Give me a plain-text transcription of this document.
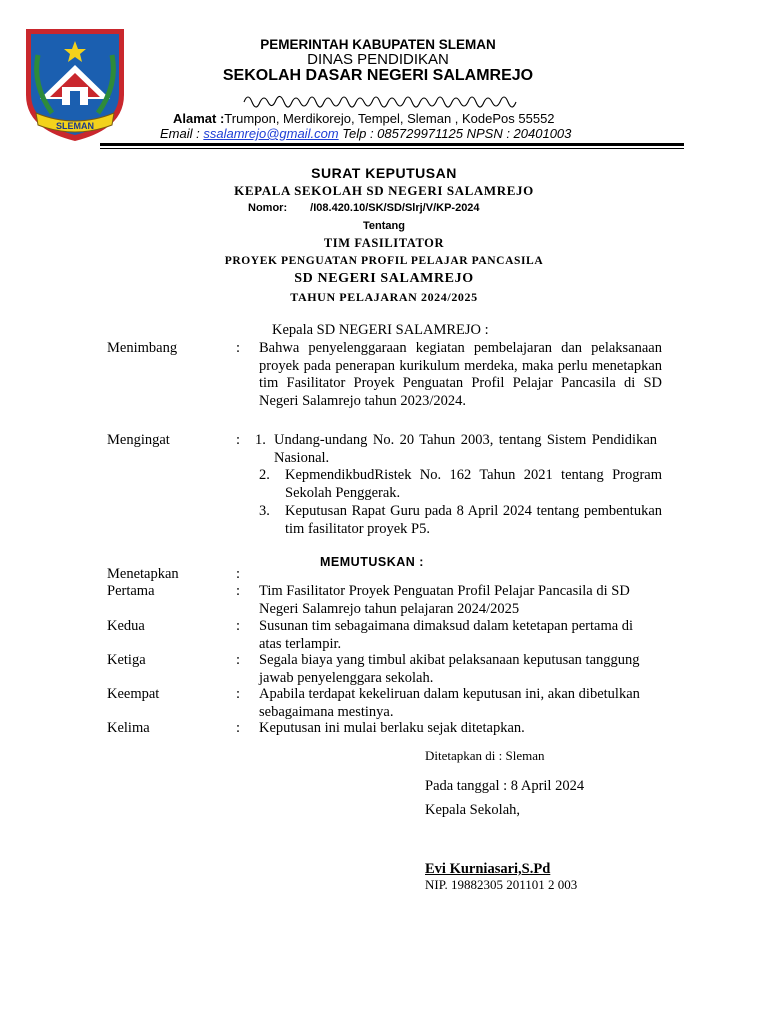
SLEMAN
PEMERINTAH KABUPATEN SLEMAN
DINAS PENDIDIKAN
SEKOLAH DASAR NEGERI SALAMREJO
Alamat :Trumpon, Merdikorejo, Tempel, Sleman , KodePos 55552
Email : ssalamrejo@gmail.com Telp : 085729971125 NPSN : 20401003
SURAT KEPUTUSAN
KEPALA SEKOLAH SD NEGERI SALAMREJO
Nomor: /I08.420.10/SK/SD/Slrj/V/KP-2024
Tentang
TIM FASILITATOR
PROYEK PENGUATAN PROFIL PELAJAR PANCASILA
SD NEGERI SALAMREJO
TAHUN PELAJARAN 2024/2025
Kepala SD NEGERI SALAMREJO :
Menimbang	: Bahwa penyelenggaraan kegiatan pembelajaran dan pelaksanaan proyek pada penerapan kurikulum merdeka, maka perlu menetapkan tim Fasilitator Proyek Penguatan Profil Pelajar Pancasila di SD Negeri Salamrejo tahun 2023/2024.
Mengingat	: 1. Undang-undang No. 20 Tahun 2003, tentang Sistem Pendidikan Nasional.
2. KepmendikbudRistek No. 162 Tahun 2021 tentang Program Sekolah Penggerak.
3. Keputusan Rapat Guru pada 8 April 2024 tentang pembentukan tim fasilitator proyek P5.
MEMUTUSKAN :
Menetapkan	:
Pertama	: Tim Fasilitator Proyek Penguatan Profil Pelajar Pancasila di SD Negeri Salamrejo tahun pelajaran 2024/2025
Kedua	: Susunan tim sebagaimana dimaksud dalam ketetapan pertama di atas terlampir.
Ketiga	: Segala biaya yang timbul akibat pelaksanaan keputusan tanggung jawab penyelenggara sekolah.
Keempat	: Apabila terdapat kekeliruan dalam keputusan ini, akan dibetulkan sebagaimana mestinya.
Kelima	: Keputusan ini mulai berlaku sejak ditetapkan.
Ditetapkan di : Sleman
Pada tanggal : 8 April 2024
Kepala Sekolah,
Evi Kurniasari,S.Pd
NIP. 19882305 201101 2 003
